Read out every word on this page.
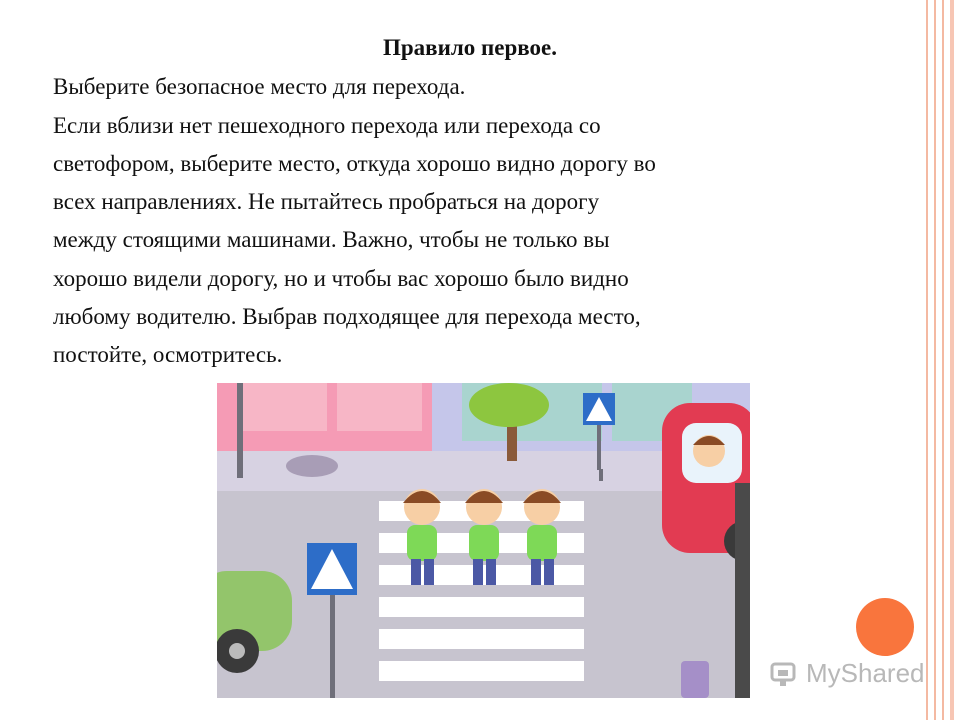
Правило первое.
Выберите безопасное место для перехода.
Если вблизи нет пешеходного перехода или перехода со
светофором, выберите место, откуда хорошо видно дорогу во
всех направлениях. Не пытайтесь пробраться на дорогу
между стоящими машинами. Важно, чтобы не только вы
хорошо видели дорогу, но и чтобы вас хорошо было видно
любому водителю. Выбрав подходящее для перехода место,
постойте, осмотритесь.
MyShared
